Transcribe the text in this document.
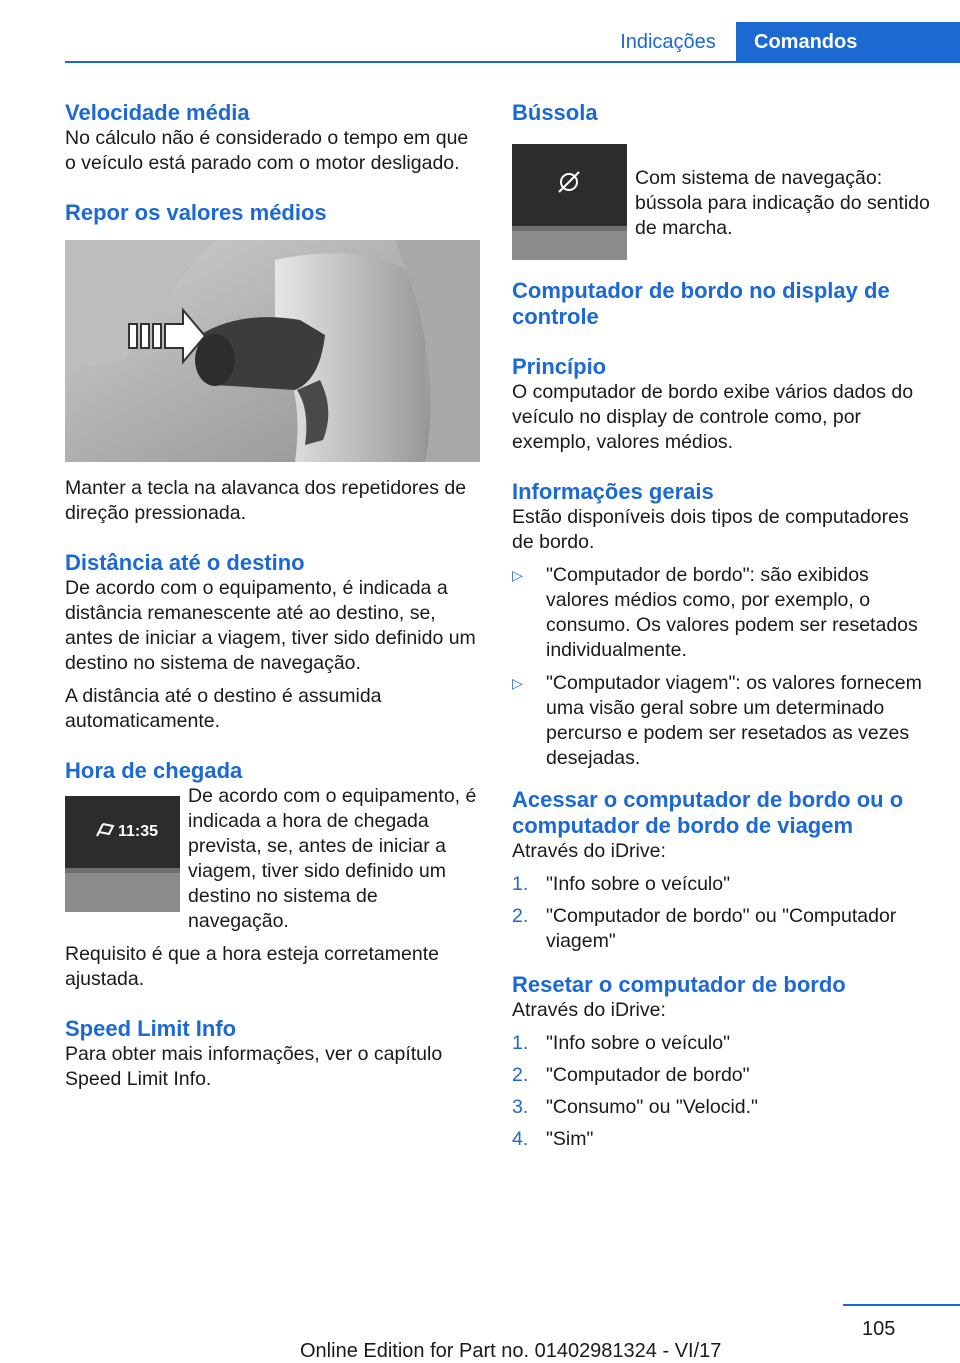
Indicações	Comandos
Velocidade média

No cálculo não é considerado o tempo em que o veículo está parado com o motor desligado.

Repor os valores médios

Manter a tecla na alavanca dos repetidores de direção pressionada.

Distância até o destino

De acordo com o equipamento, é indicada a distância remanescente até ao destino, se, antes de iniciar a viagem, tiver sido definido um destino no sistema de navegação.

A distância até o destino é assumida automaticamente.

Hora de chegada
11:35

De acordo com o equipamento, é indicada a hora de chegada prevista, se, antes de iniciar a viagem, tiver sido definido um destino no sistema de navegação.

Requisito é que a hora esteja corretamente ajustada.

Speed Limit Info

Para obter mais informações, ver o capítulo Speed Limit Info.

Bússola

Com sistema de navegação: bússola para indicação do sentido de marcha.

Computador de bordo no display de controle
Princípio

O computador de bordo exibe vários dados do veículo no display de controle como, por exemplo, valores médios.

Informações gerais

Estão disponíveis dois tipos de computadores de bordo.

▷ "Computador de bordo": são exibidos valores médios como, por exemplo, o consumo. Os valores podem ser resetados individualmente.
▷ "Computador viagem": os valores fornecem uma visão geral sobre um determinado percurso e podem ser resetados as vezes desejadas.
Acessar o computador de bordo ou o computador de bordo de viagem

Através do iDrive:

1. "Info sobre o veículo"
2. "Computador de bordo" ou "Computador viagem"
Resetar o computador de bordo

Através do iDrive:

1. "Info sobre o veículo"
2. "Computador de bordo"
3. "Consumo" ou "Velocid."
4. "Sim"
105
Online Edition for Part no. 01402981324 - VI/17
